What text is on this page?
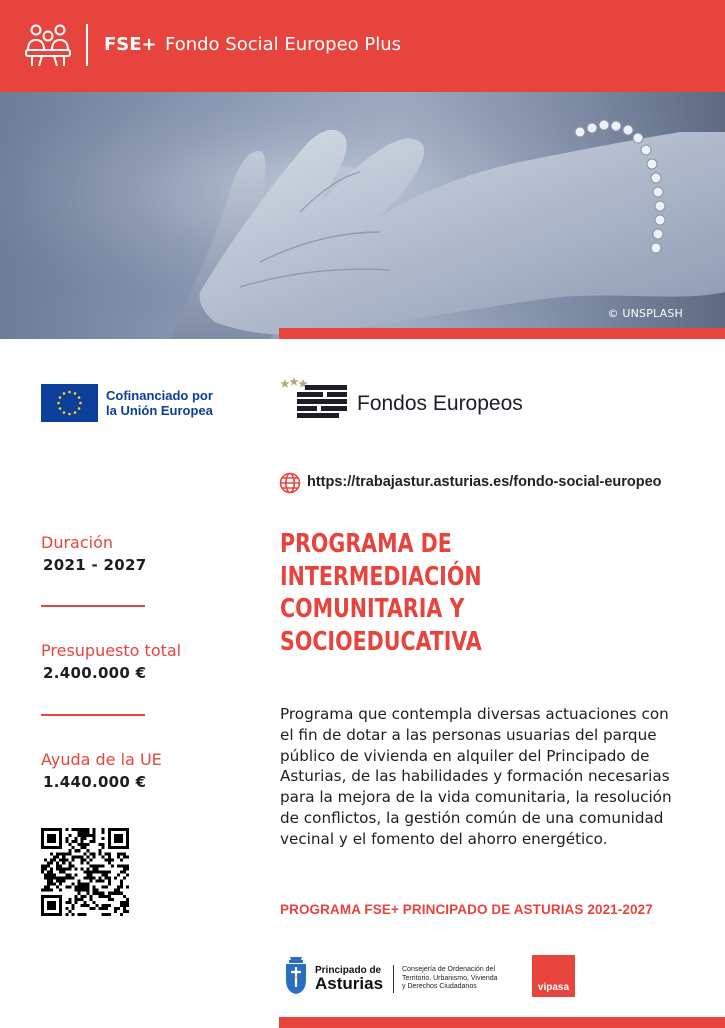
FSE+ Fondo Social Europeo Plus
© UNSPLASH
Cofinanciado por
la Unión Europea	Fondos Europeos
https://trabajastur.asturias.es/fondo-social-europeo
Duración
2021 - 2027
Presupuesto total
2.400.000 €
Ayuda de la UE
1.440.000 €
PROGRAMA DE
INTERMEDIACIÓN
COMUNITARIA Y
SOCIOEDUCATIVA
Programa que contempla diversas actuaciones con
el fin de dotar a las personas usuarias del parque
público de vivienda en alquiler del Principado de
Asturias, de las habilidades y formación necesarias
para la mejora de la vida comunitaria, la resolución
de conflictos, la gestión común de una comunidad
vecinal y el fomento del ahorro energético.
PROGRAMA FSE+ PRINCIPADO DE ASTURIAS 2021-2027
Principado de
Asturias
Consejería de Ordenación del
Territorio, Urbanismo, Vivienda
y Derechos Ciudadanos	vipasa
